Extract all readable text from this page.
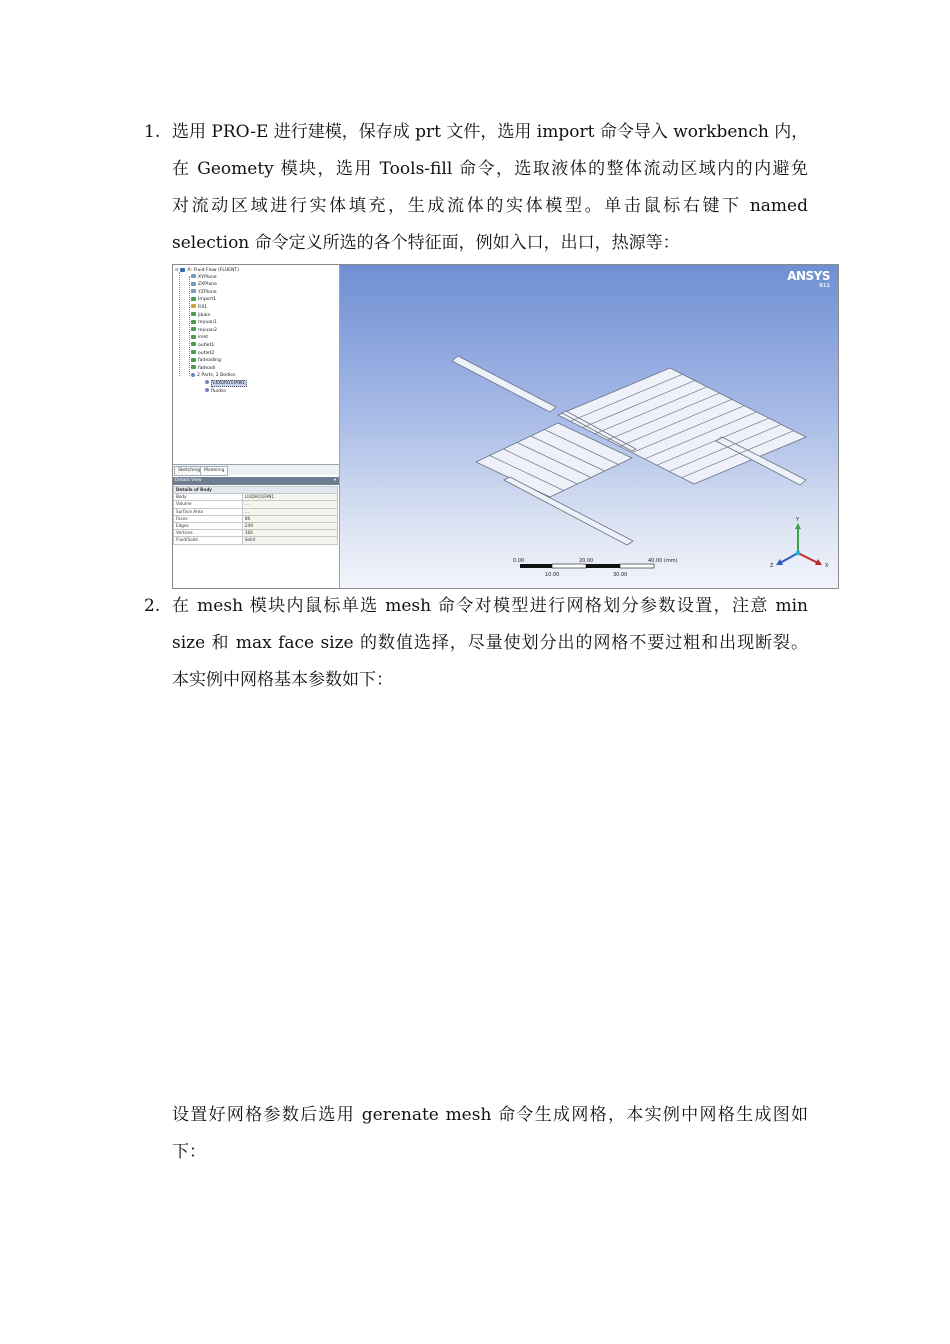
1. 选用 PRO-E 进行建模，保存成 prt 文件，选用 import 命令导入 workbench 内，
在 Geomety 模块，选用 Tools-fill 命令，选取液体的整体流动区域内的内避免
对流动区域进行实体填充，生成流体的实体模型。单击鼠标右键下 named
selection 命令定义所选的各个特征面，例如入口，出口，热源等：
⊟ A: Fluid Flow (FLUENT)
XYPlane
ZXPlane
YZPlane
Import1
Fill1
jibain
reyuan1
reyuan2
inlet
outlet1
outlet2
fadeading
fadeadi
2 Parts, 2 Bodies
LIUDAO1FAN1
fluidsn
Sketching Modeling
Details View	▾
Details of Body	
Body	LIUDAO1FAN1
Volume	...
Surface Area	...
Faces	86
Edges	249
Vertices	166
Fluid/Solid	Solid
ANSYS
R12
0.00	20.00	40.00 (mm)
10.00	30.00
Y
X
Z
2. 在 mesh 模块内鼠标单选 mesh 命令对模型进行网格划分参数设置，注意 min
size 和 max face size 的数值选择，尽量使划分出的网格不要过粗和出现断裂。
本实例中网格基本参数如下：
设置好网格参数后选用 gerenate mesh 命令生成网格，本实例中网格生成图如
下：
